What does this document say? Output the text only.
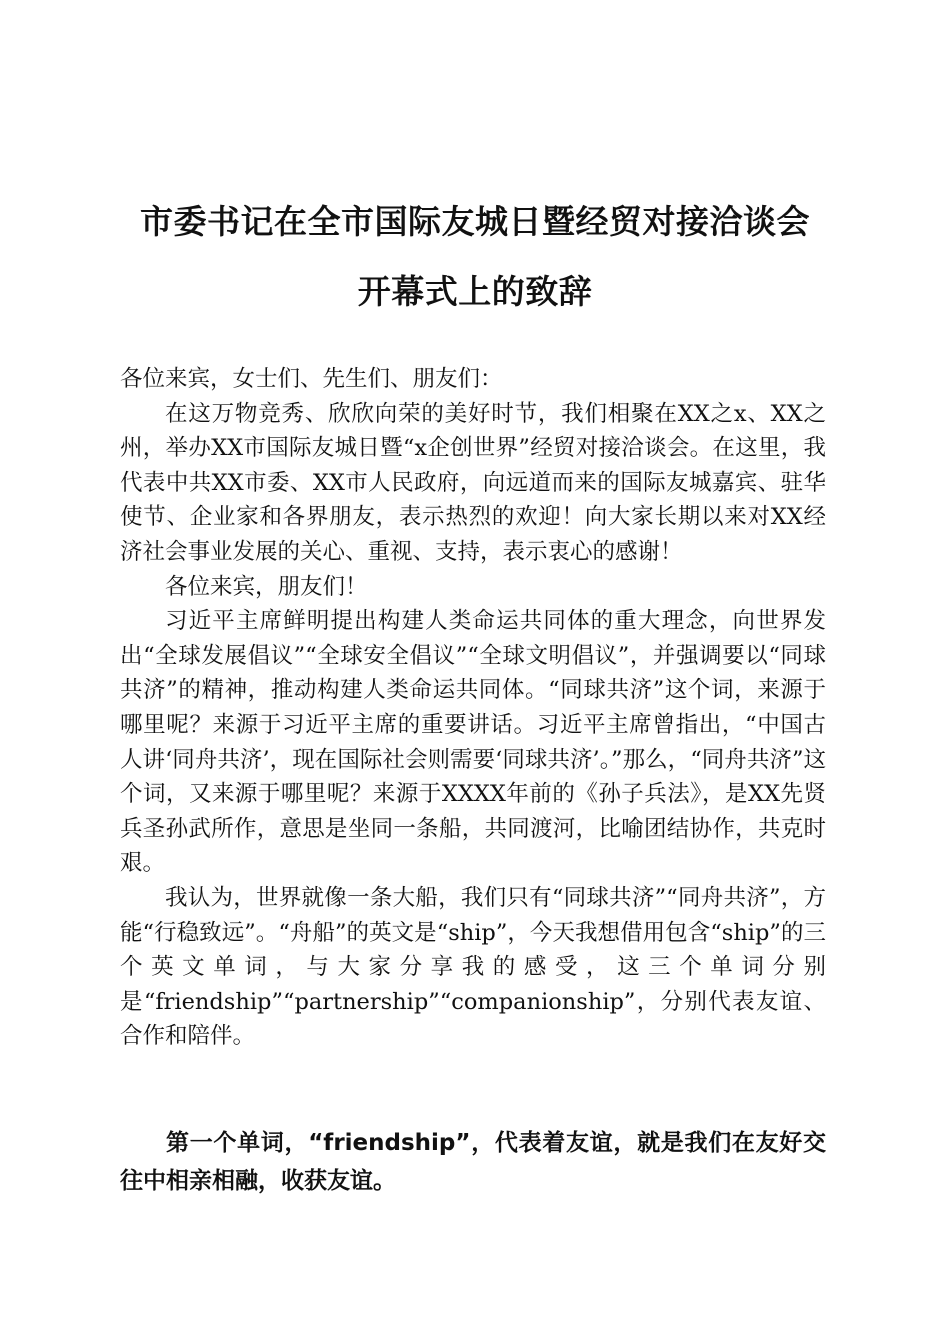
市委书记在全市国际友城日暨经贸对接洽谈会
开幕式上的致辞

各位来宾，女士们、先生们、朋友们：

在这万物竞秀、欣欣向荣的美好时节，我们相聚在XX之x、XX之州，举办XX市国际友城日暨“x企创世界”经贸对接洽谈会。在这里，我代表中共XX市委、XX市人民政府，向远道而来的国际友城嘉宾、驻华使节、企业家和各界朋友，表示热烈的欢迎！向大家长期以来对XX经济社会事业发展的关心、重视、支持，表示衷心的感谢！

各位来宾，朋友们！

习近平主席鲜明提出构建人类命运共同体的重大理念，向世界发出“全球发展倡议”“全球安全倡议”“全球文明倡议”，并强调要以“同球共济”的精神，推动构建人类命运共同体。“同球共济”这个词，来源于哪里呢？来源于习近平主席的重要讲话。习近平主席曾指出，“中国古人讲‘同舟共济’，现在国际社会则需要‘同球共济’。”那么，“同舟共济”这个词，又来源于哪里呢？来源于XXXX年前的《孙子兵法》，是XX先贤兵圣孙武所作，意思是坐同一条船，共同渡河，比喻团结协作，共克时艰。

我认为，世界就像一条大船，我们只有“同球共济”“同舟共济”，方能“行稳致远”。“舟船”的英文是“ship”，今天我想借用包含“ship”的三个英文单词，与大家分享我的感受，这三个单词分别是“friendship”“partnership”“companionship”，分别代表友谊、合作和陪伴。

第一个单词，“friendship”，代表着友谊，就是我们在友好交往中相亲相融，收获友谊。
